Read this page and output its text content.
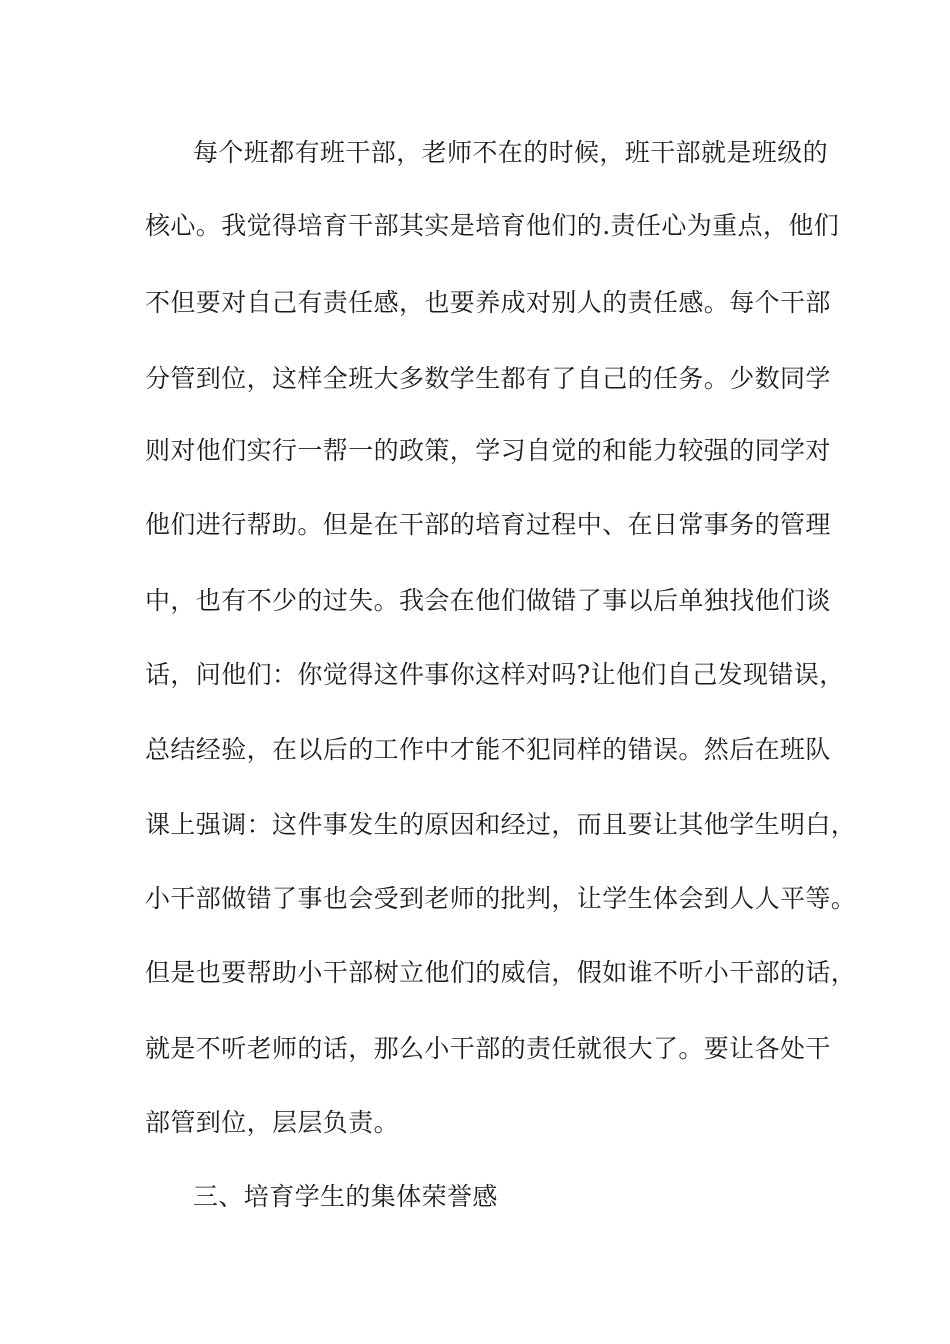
每个班都有班干部，老师不在的时候，班干部就是班级的
核心。我觉得培育干部其实是培育他们的.责任心为重点，他们
不但要对自己有责任感，也要养成对别人的责任感。每个干部
分管到位，这样全班大多数学生都有了自己的任务。少数同学
则对他们实行一帮一的政策，学习自觉的和能力较强的同学对
他们进行帮助。但是在干部的培育过程中、在日常事务的管理
中，也有不少的过失。我会在他们做错了事以后单独找他们谈
话，问他们：你觉得这件事你这样对吗?让他们自己发现错误，
总结经验，在以后的工作中才能不犯同样的错误。然后在班队
课上强调：这件事发生的原因和经过，而且要让其他学生明白，
小干部做错了事也会受到老师的批判，让学生体会到人人平等。
但是也要帮助小干部树立他们的威信，假如谁不听小干部的话，
就是不听老师的话，那么小干部的责任就很大了。要让各处干
部管到位，层层负责。
三、培育学生的集体荣誉感
